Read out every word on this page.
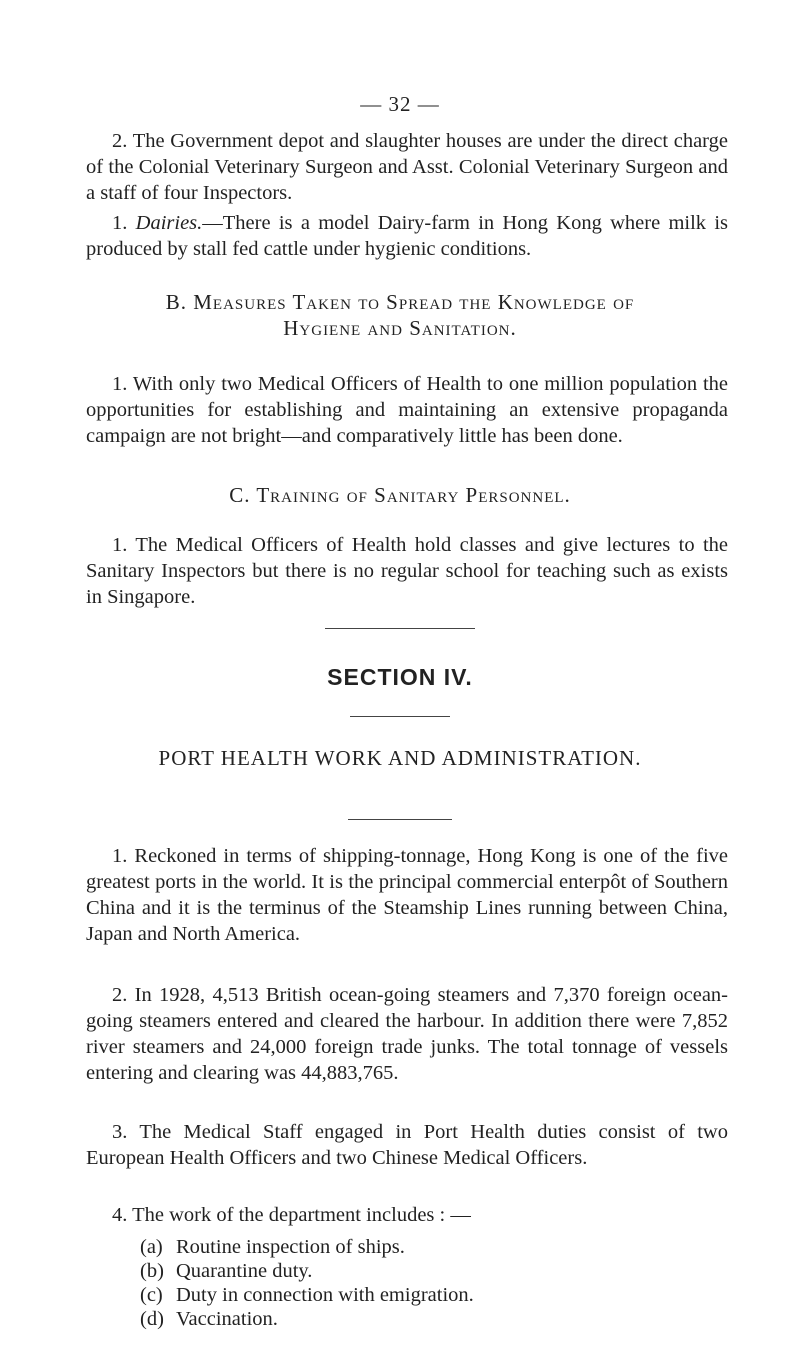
— 32 —

2. The Government depot and slaughter houses are under the direct charge of the Colonial Veterinary Surgeon and Asst. Colonial Veterinary Surgeon and a staff of four Inspectors.

1. Dairies.—There is a model Dairy-farm in Hong Kong where milk is produced by stall fed cattle under hygienic conditions.

B. Measures Taken to Spread the Knowledge of
Hygiene and Sanitation.

1. With only two Medical Officers of Health to one million population the opportunities for establishing and maintaining an extensive propaganda campaign are not bright—and comparatively little has been done.

C. Training of Sanitary Personnel.

1. The Medical Officers of Health hold classes and give lectures to the Sanitary Inspectors but there is no regular school for teaching such as exists in Singapore.

SECTION IV.
PORT HEALTH WORK AND ADMINISTRATION.

1. Reckoned in terms of shipping-tonnage, Hong Kong is one of the five greatest ports in the world. It is the principal commercial enterpôt of Southern China and it is the terminus of the Steamship Lines running between China, Japan and North America.

2. In 1928, 4,513 British ocean-going steamers and 7,370 foreign ocean-going steamers entered and cleared the harbour. In addition there were 7,852 river steamers and 24,000 foreign trade junks. The total tonnage of vessels entering and clearing was 44,883,765.

3. The Medical Staff engaged in Port Health duties consist of two European Health Officers and two Chinese Medical Officers.

4. The work of the department includes : —

(a) Routine inspection of ships.
(b) Quarantine duty.
(c) Duty in connection with emigration.
(d) Vaccination.
